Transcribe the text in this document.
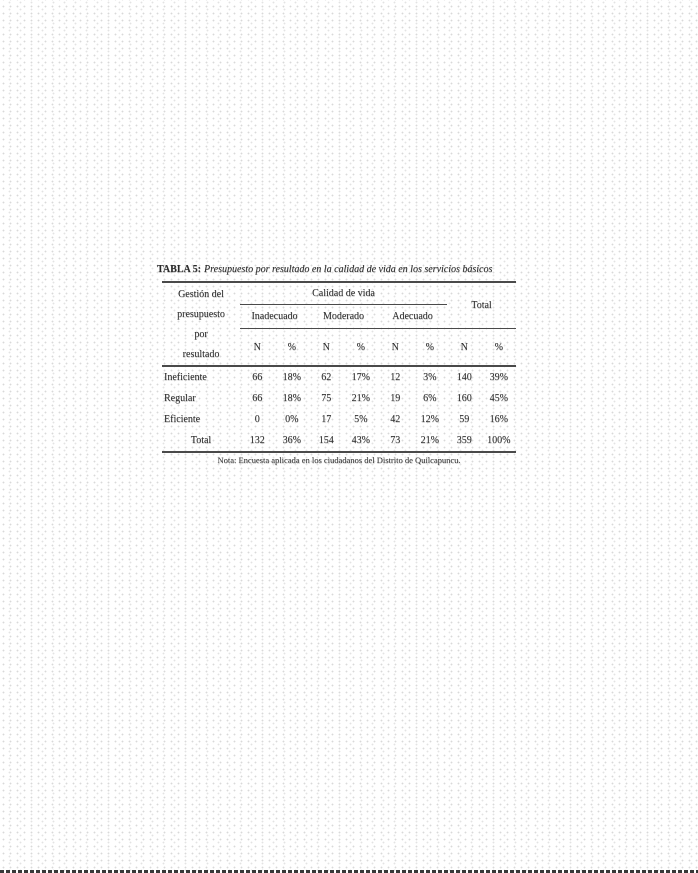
TABLA 5: Presupuesto por resultado en la calidad de vida en los servicios básicos
Gestión del
presupuesto
por
resultado
Calidad de vida
Total
Inadecuado	Moderado	Adecuado
N	%	N	%	N	%	N	%
Ineficiente	66	18%	62	17%	12	3%	140	39%
Regular	66	18%	75	21%	19	6%	160	45%
Eficiente	0	0%	17	5%	42	12%	59	16%
Total	132	36%	154	43%	73	21%	359	100%
Nota: Encuesta aplicada en los ciudadanos del Distrito de Quilcapuncu.
